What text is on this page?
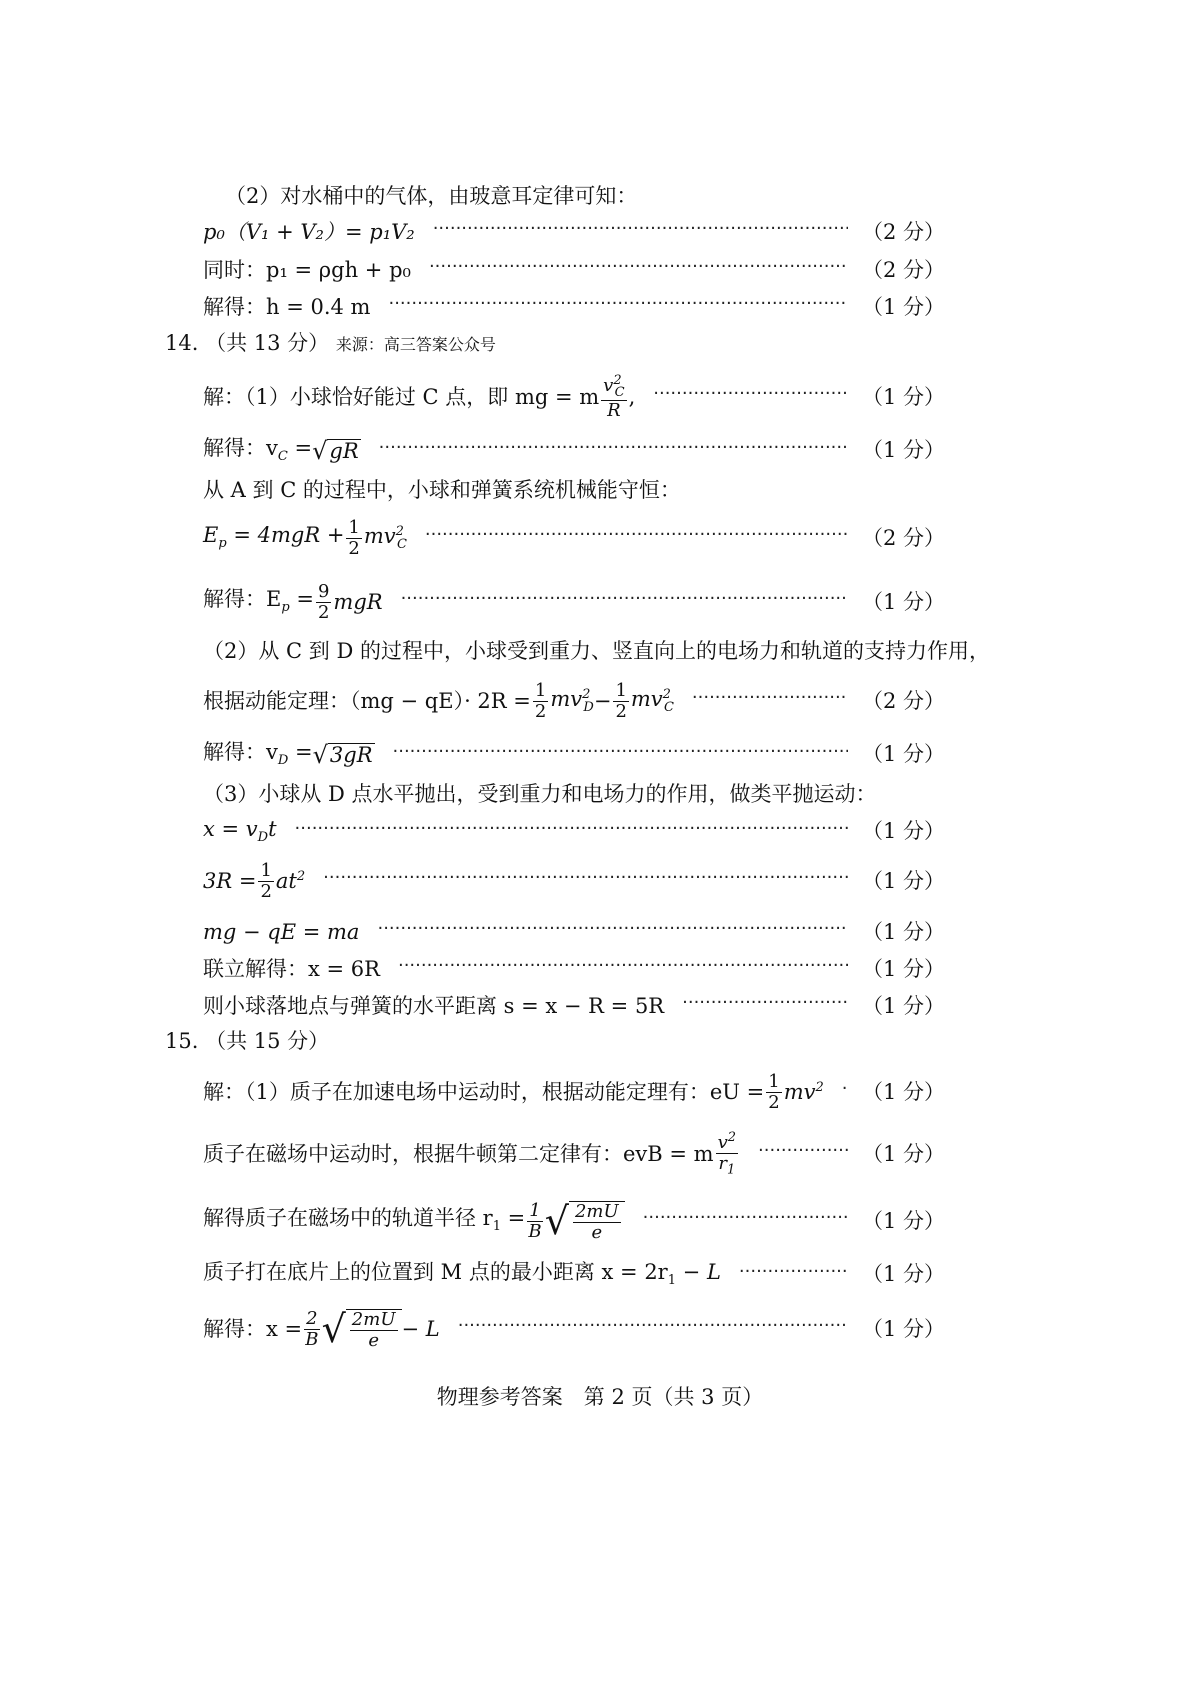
（2）对水桶中的气体，由玻意耳定律可知：
p₀（V₁ + V₂）= p₁V₂ ·····	（2 分）
同时：p₁ = ρgh + p₀ ·····	（2 分）
解得：h = 0.4 m ·····	（1 分）
14. （共 13 分） 来源：高三答案公众号
解：（1）小球恰好能过 C 点，即 mg = m $\frac{v^2_C}{R}$ , ·····	（1 分）
解得：$v_C$ = √ gR ·····	（1 分）
从 A 到 C 的过程中，小球和弹簧系统机械能守恒：
$E_p = 4mgR + \frac{1}{2} mv^2_C$ ·····	（2 分）
解得：$E_p = \frac{9}{2}$ mgR ·····	（1 分）
（2）从 C 到 D 的过程中，小球受到重力、竖直向上的电场力和轨道的支持力作用，
根据动能定理：$(mg - qE)\cdot 2R = \frac{1}{2} mv^2_D - \frac{1}{2} mv^2_C$ ·····	（2 分）
解得：$v_D$ = √ 3gR ·····	（1 分）
（3）小球从 D 点水平抛出，受到重力和电场力的作用，做类平抛运动：
$x = v_Dt$ ·····	（1 分）
$3R = \frac{1}{2} at^2$ ·····	（1 分）
mg − qE = ma ·····	（1 分）
联立解得：x = 6R ·····	（1 分）
则小球落地点与弹簧的水平距离 s = x − R = 5R ·····	（1 分）
15. （共 15 分）
解：（1）质子在加速电场中运动时，根据动能定理有：eU = $\frac{1}{2} mv^2$ ····· （1 分）
质子在磁场中运动时，根据牛顿第二定律有：evB = m $\frac{v^2}{r_1}$ ·····	（1 分）
解得质子在磁场中的轨道半径 $r_1 = \frac{1}{B}$ √ $\frac{2mU}{e}$ ·····	（1 分）
质子打在底片上的位置到 M 点的最小距离 $x = 2r_1 - L$ ·····	（1 分）
解得：$x = \frac{2}{B}$ √ $\frac{2mU}{e} - L$ ·····	（1 分）
物理参考答案　第 2 页（共 3 页）
